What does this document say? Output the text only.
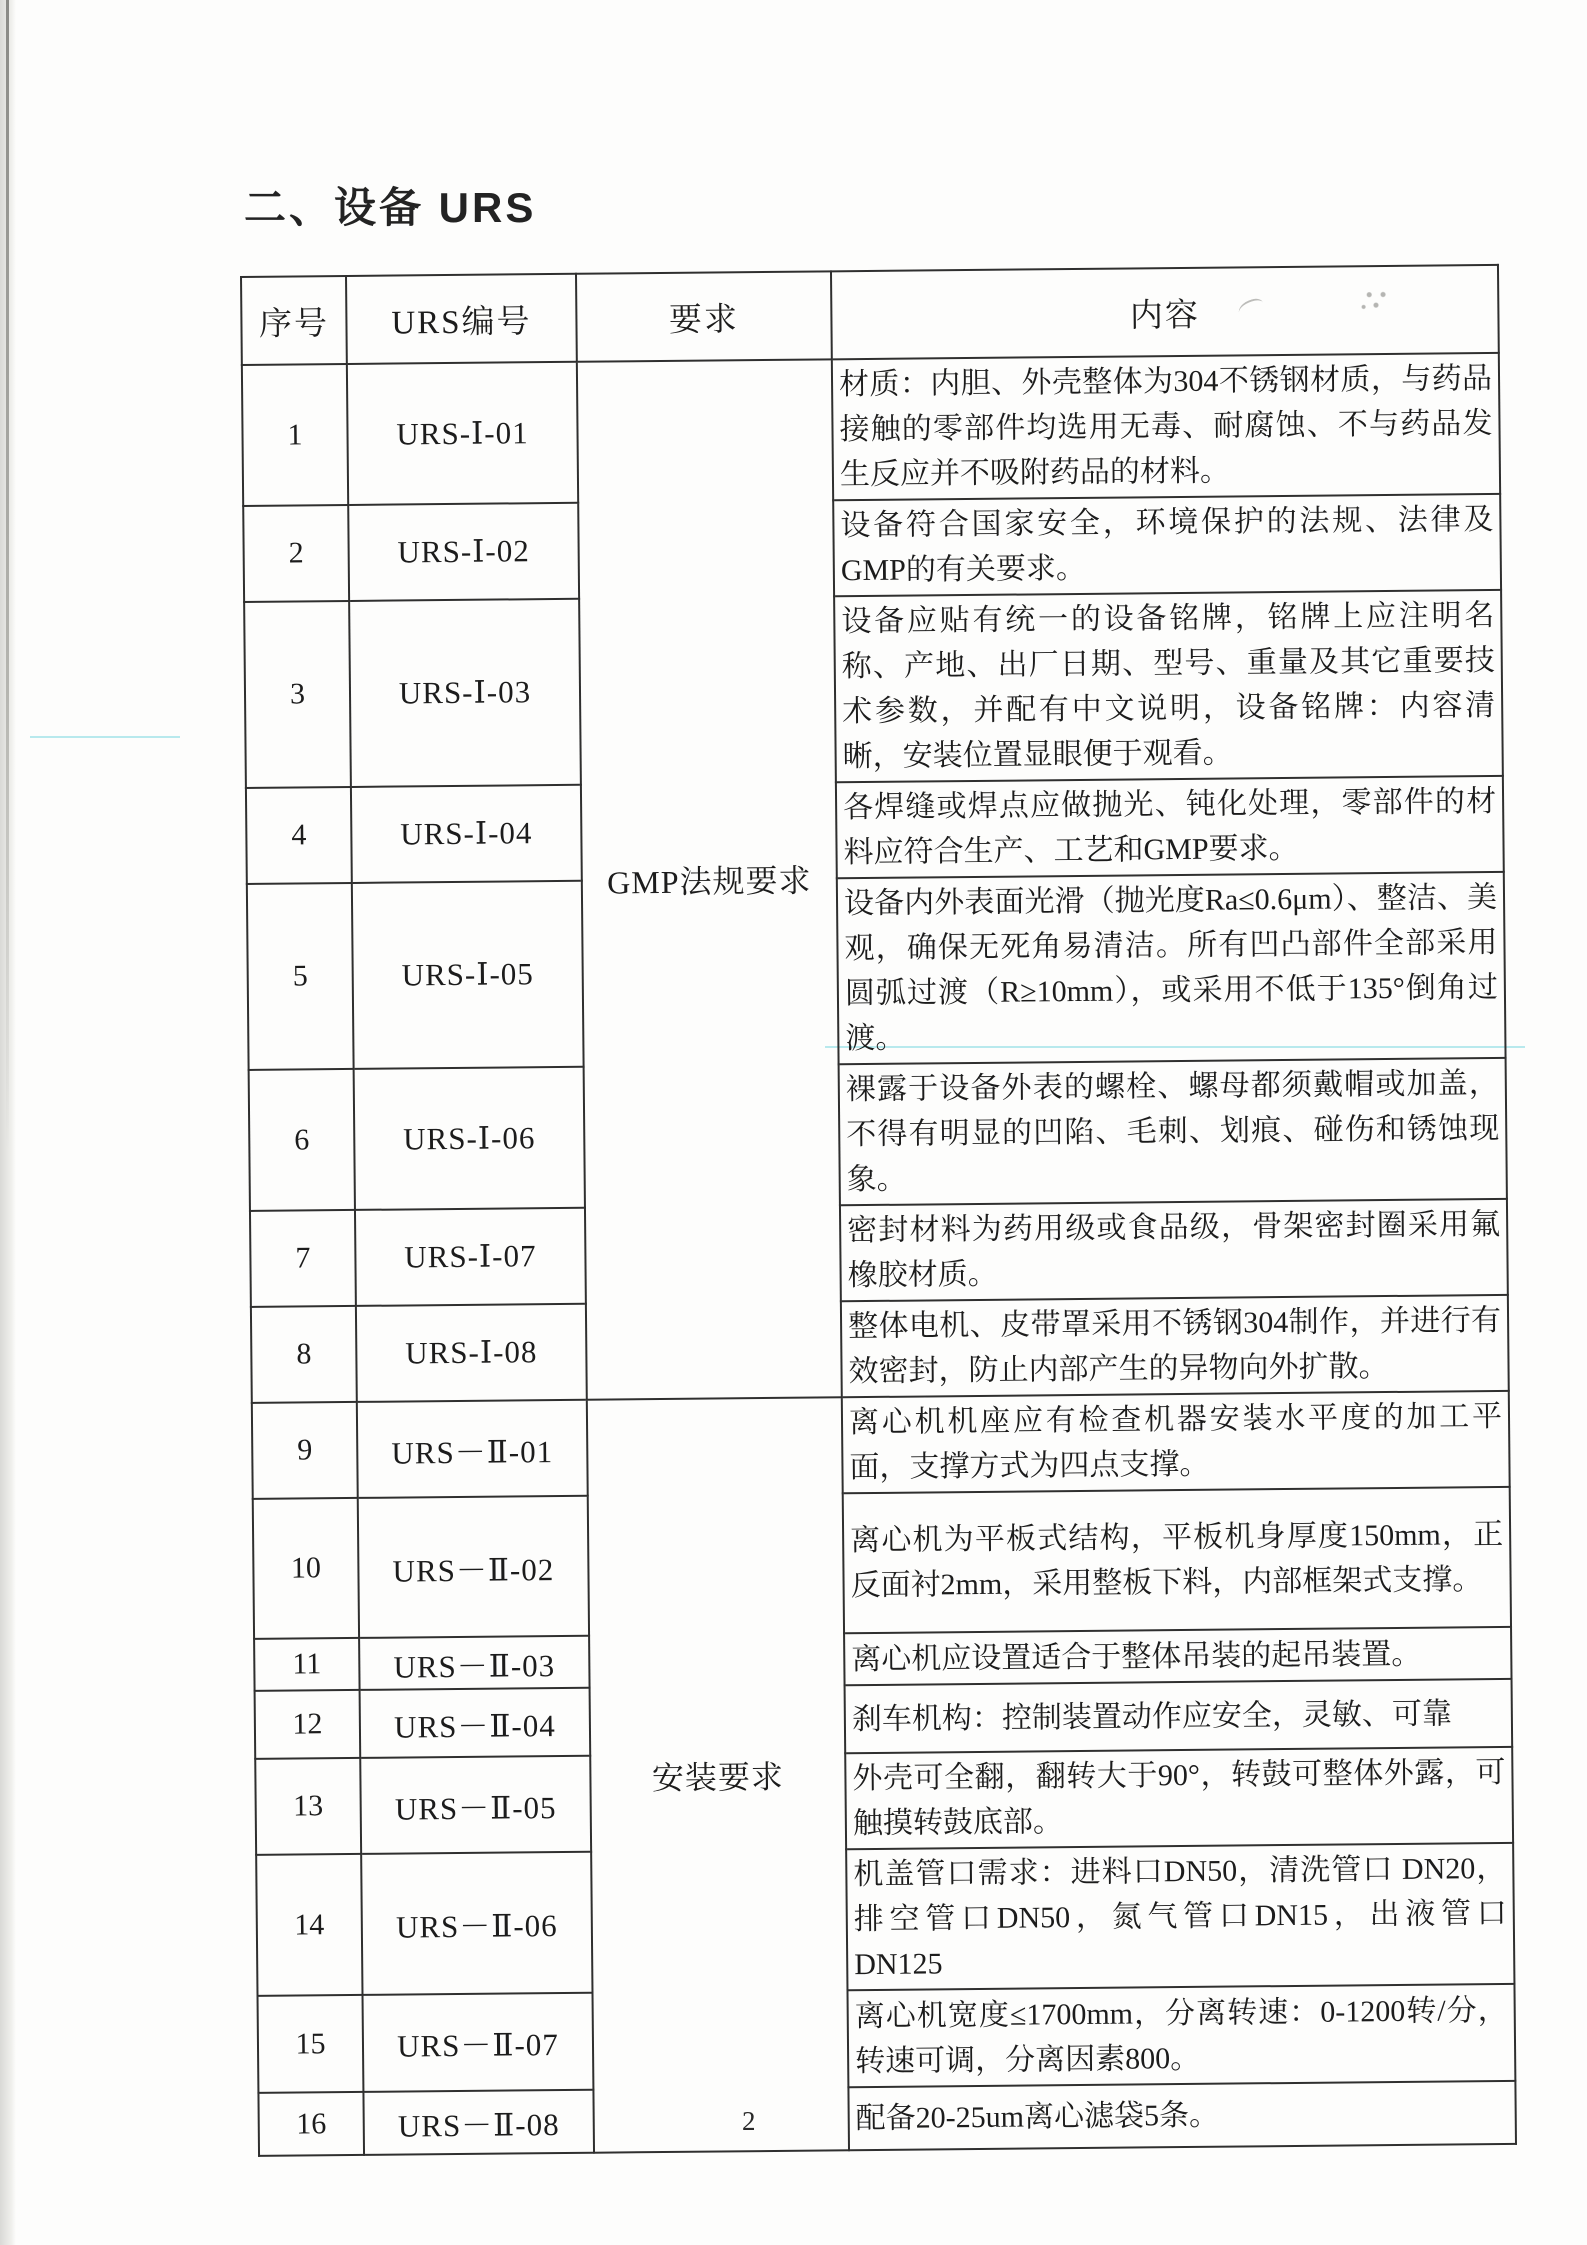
二、设备 URS
序号	URS编号	要求	内容
1	URS-Ⅰ-01	GMP法规要求	材质：内胆、外壳整体为304不锈钢材质，与药品接触的零部件均选用无毒、耐腐蚀、不与药品发生反应并不吸附药品的材料。
2	URS-Ⅰ-02		设备符合国家安全，环境保护的法规、法律及GMP的有关要求。
3	URS-Ⅰ-03		设备应贴有统一的设备铭牌，铭牌上应注明名称、产地、出厂日期、型号、重量及其它重要技术参数，并配有中文说明，设备铭牌：内容清晰，安装位置显眼便于观看。
4	URS-Ⅰ-04		各焊缝或焊点应做抛光、钝化处理，零部件的材料应符合生产、工艺和GMP要求。
5	URS-Ⅰ-05		设备内外表面光滑（抛光度Ra≤0.6μm）、整洁、美观，确保无死角易清洁。所有凹凸部件全部采用圆弧过渡（R≥10mm），或采用不低于135°倒角过渡。
6	URS-Ⅰ-06		裸露于设备外表的螺栓、螺母都须戴帽或加盖，不得有明显的凹陷、毛刺、划痕、碰伤和锈蚀现象。
7	URS-Ⅰ-07		密封材料为药用级或食品级，骨架密封圈采用氟橡胶材质。
8	URS-Ⅰ-08		整体电机、皮带罩采用不锈钢304制作，并进行有效密封，防止内部产生的异物向外扩散。
9	URS－Ⅱ-01	安装要求	离心机机座应有检查机器安装水平度的加工平面，支撑方式为四点支撑。
10	URS－Ⅱ-02		离心机为平板式结构，平板机身厚度150mm，正反面衬2mm，采用整板下料，内部框架式支撑。
11	URS－Ⅱ-03		离心机应设置适合于整体吊装的起吊装置。
12	URS－Ⅱ-04		刹车机构：控制装置动作应安全，灵敏、可靠
13	URS－Ⅱ-05		外壳可全翻，翻转大于90°，转鼓可整体外露，可触摸转鼓底部。
14	URS－Ⅱ-06		机盖管口需求：进料口DN50，清洗管口 DN20，排空管口DN50，氮气管口DN15，出液管口DN125
15	URS－Ⅱ-07		离心机宽度≤1700mm，分离转速：0-1200转/分，转速可调，分离因素800。
16	URS－Ⅱ-08		配备20-25um离心滤袋5条。
2
